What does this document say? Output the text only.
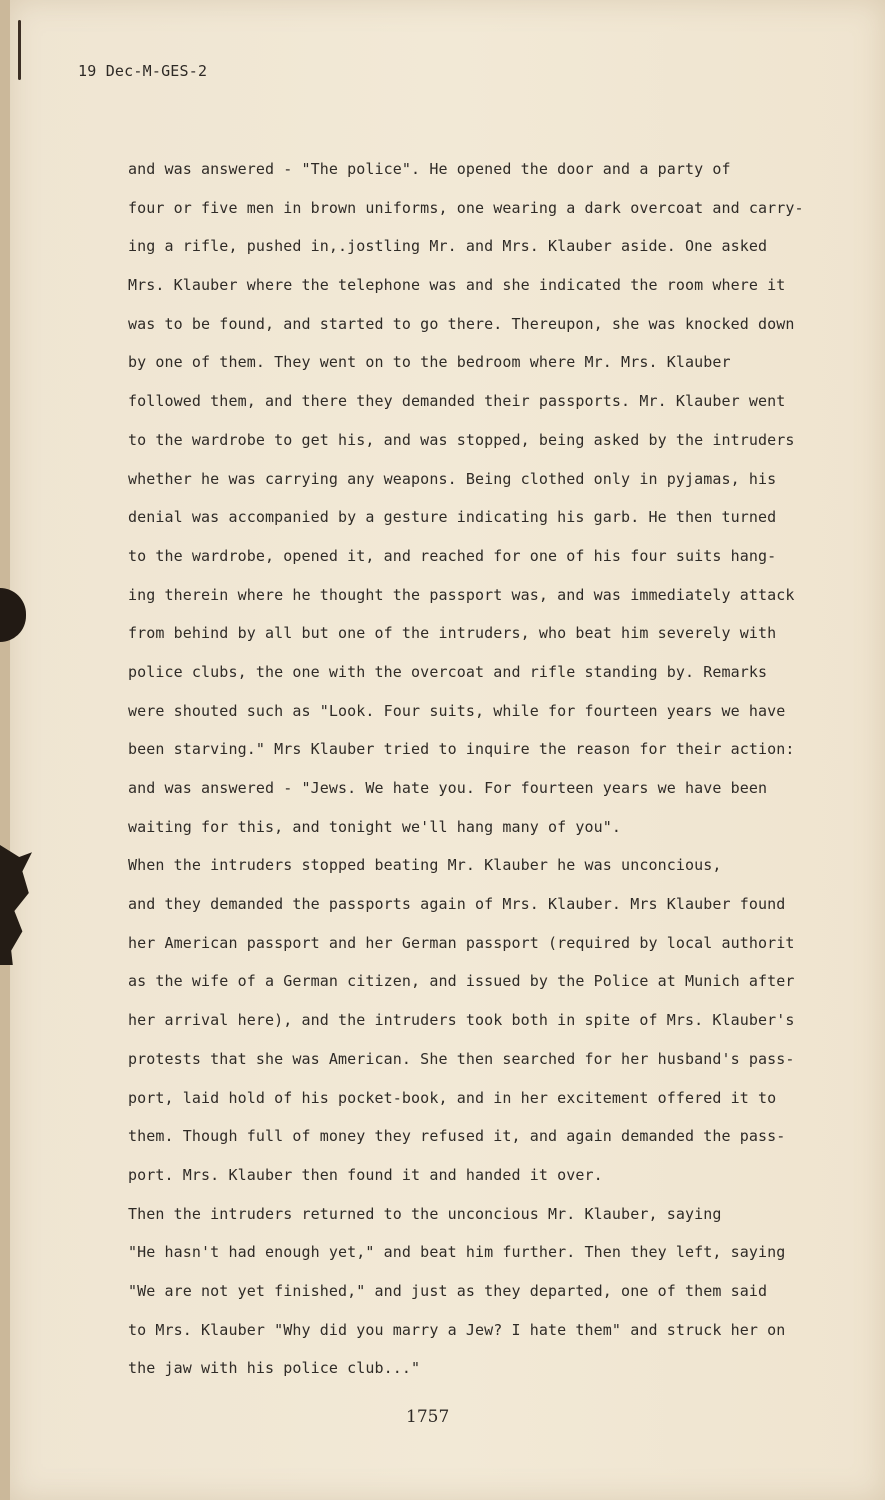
19 Dec-M-GES-2
and was answered - "The police". He opened the door and a party of
four or five men in brown uniforms, one wearing a dark overcoat and carry-
ing a rifle, pushed in,.jostling Mr. and Mrs. Klauber aside. One asked
Mrs. Klauber where the telephone was and she indicated the room where it
was to be found, and started to go there. Thereupon, she was knocked down
by one of them. They went on to the bedroom where Mr. Mrs. Klauber
followed them, and there they demanded their passports. Mr. Klauber went
to the wardrobe to get his, and was stopped, being asked by the intruders
whether he was carrying any weapons. Being clothed only in pyjamas, his
denial was accompanied by a gesture indicating his garb. He then turned
to the wardrobe, opened it, and reached for one of his four suits hang-
ing therein where he thought the passport was, and was immediately attack
from behind by all but one of the intruders, who beat him severely with
police clubs, the one with the overcoat and rifle standing by. Remarks
were shouted such as "Look. Four suits, while for fourteen years we have
been starving." Mrs Klauber tried to inquire the reason for their action:
and was answered - "Jews. We hate you. For fourteen years we have been
waiting for this, and tonight we'll hang many of you".
When the intruders stopped beating Mr. Klauber he was unconcious,
and they demanded the passports again of Mrs. Klauber. Mrs Klauber found
her American passport and her German passport (required by local authorit
as the wife of a German citizen, and issued by the Police at Munich after
her arrival here), and the intruders took both in spite of Mrs. Klauber's
protests that she was American. She then searched for her husband's pass-
port, laid hold of his pocket-book, and in her excitement offered it to
them. Though full of money they refused it, and again demanded the pass-
port. Mrs. Klauber then found it and handed it over.
Then the intruders returned to the unconcious Mr. Klauber, saying
"He hasn't had enough yet," and beat him further. Then they left, saying
"We are not yet finished," and just as they departed, one of them said
to Mrs. Klauber "Why did you marry a Jew? I hate them" and struck her on
the jaw with his police club..."
1757
